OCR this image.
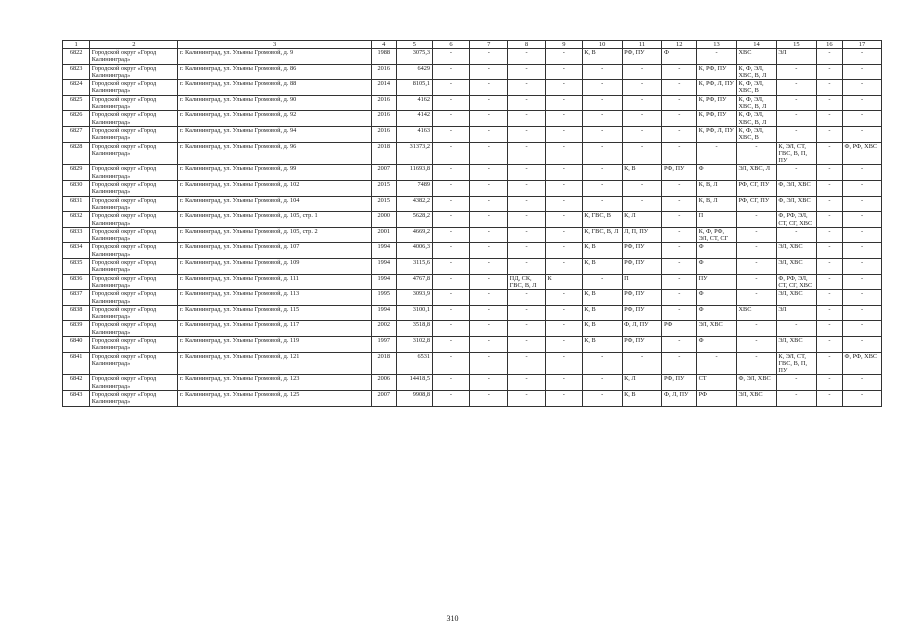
1	2	3	4	5	6	7	8	9	10	11	12	13	14	15	16	17
6822	Городской округ «Город Калининград»	г. Калининград, ул. Ульяны Громовой, д. 9	1988	3075,3	-	-	-	-	К, В	РФ, ПУ	Ф	-	ХВС	ЭЛ	-	-
6823	Городской округ «Город Калининград»	г. Калининград, ул. Ульяны Громовой, д. 86	2016	6429	-	-	-	-	-	-	-	К, РФ, ПУ	К, Ф, ЭЛ, ХВС, В, Л	-	-	-
6824	Городской округ «Город Калининград»	г. Калининград, ул. Ульяны Громовой, д. 88	2014	8105,1	-	-	-	-	-	-	-	К, РФ, Л, ПУ	К, Ф, ЭЛ, ХВС, В	-	-	-
6825	Городской округ «Город Калининград»	г. Калининград, ул. Ульяны Громовой, д. 90	2016	4162	-	-	-	-	-	-	-	К, РФ, ПУ	К, Ф, ЭЛ, ХВС, В, Л	-	-	-
6826	Городской округ «Город Калининград»	г. Калининград, ул. Ульяны Громовой, д. 92	2016	4142	-	-	-	-	-	-	-	К, РФ, ПУ	К, Ф, ЭЛ, ХВС, В, Л	-	-	-
6827	Городской округ «Город Калининград»	г. Калининград, ул. Ульяны Громовой, д. 94	2016	4163	-	-	-	-	-	-	-	К, РФ, Л, ПУ	К, Ф, ЭЛ, ХВС, В	-	-	-
6828	Городской округ «Город Калининград»	г. Калининград, ул. Ульяны Громовой, д. 96	2018	31373,2	-	-	-	-	-	-	-	-	-	К, ЭЛ, СТ, ГВС, В, П, ПУ	-	Ф, РФ, ХВС
6829	Городской округ «Город Калининград»	г. Калининград, ул. Ульяны Громовой, д. 99	2007	11693,8	-	-	-	-	-	К, В	РФ, ПУ	Ф	ЭЛ, ХВС, Л	-	-	-
6830	Городской округ «Город Калининград»	г. Калининград, ул. Ульяны Громовой, д. 102	2015	7489	-	-	-	-	-	-	-	К, В, Л	РФ, СГ, ПУ	Ф, ЭЛ, ХВС	-	-
6831	Городской округ «Город Калининград»	г. Калининград, ул. Ульяны Громовой, д. 104	2015	4382,2	-	-	-	-	-	-	-	К, В, Л	РФ, СГ, ПУ	Ф, ЭЛ, ХВС	-	-
6832	Городской округ «Город Калининград»	г. Калининград, ул. Ульяны Громовой, д. 105, стр. 1	2000	5628,2	-	-	-	-	К, ГВС, В	К, Л	-	П	-	Ф, РФ, ЭЛ, СТ, СГ, ХВС	-	-
6833	Городской округ «Город Калининград»	г. Калининград, ул. Ульяны Громовой, д. 105, стр. 2	2001	4669,2	-	-	-	-	К, ГВС, В, Л	Л, П, ПУ	-	К, Ф, РФ, ЭЛ, СТ, СГ	-	-	-	-
6834	Городской округ «Город Калининград»	г. Калининград, ул. Ульяны Громовой, д. 107	1994	4006,3	-	-	-	-	К, В	РФ, ПУ	-	Ф	-	ЭЛ, ХВС	-	-
6835	Городской округ «Город Калининград»	г. Калининград, ул. Ульяны Громовой, д. 109	1994	3115,6	-	-	-	-	К, В	РФ, ПУ	-	Ф	-	ЭЛ, ХВС	-	-
6836	Городской округ «Город Калининград»	г. Калининград, ул. Ульяны Громовой, д. 111	1994	4767,8	-	-	ПД, СК, ГВС, В, Л	К	-	П	-	ПУ	-	Ф, РФ, ЭЛ, СТ, СГ, ХВС	-	-
6837	Городской округ «Город Калининград»	г. Калининград, ул. Ульяны Громовой, д. 113	1995	3093,9	-	-	-	-	К, В	РФ, ПУ	-	Ф	-	ЭЛ, ХВС	-	-
6838	Городской округ «Город Калининград»	г. Калининград, ул. Ульяны Громовой, д. 115	1994	3100,1	-	-	-	-	К, В	РФ, ПУ	-	Ф	ХВС	ЭЛ	-	-
6839	Городской округ «Город Калининград»	г. Калининград, ул. Ульяны Громовой, д. 117	2002	3518,8	-	-	-	-	К, В	Ф, Л, ПУ	РФ	ЭЛ, ХВС	-	-	-	-
6840	Городской округ «Город Калининград»	г. Калининград, ул. Ульяны Громовой, д. 119	1997	3102,8	-	-	-	-	К, В	РФ, ПУ	-	Ф	-	ЭЛ, ХВС	-	-
6841	Городской округ «Город Калининград»	г. Калининград, ул. Ульяны Громовой, д. 121	2018	6531	-	-	-	-	-	-	-	-	-	К, ЭЛ, СТ, ГВС, В, П, ПУ	-	Ф, РФ, ХВС
6842	Городской округ «Город Калининград»	г. Калининград, ул. Ульяны Громовой, д. 123	2006	14418,5	-	-	-	-	-	К, Л	РФ, ПУ	СТ	Ф, ЭЛ, ХВС	-	-	-
6843	Городской округ «Город Калининград»	г. Калининград, ул. Ульяны Громовой, д. 125	2007	9908,8	-	-	-	-	-	К, В	Ф, Л, ПУ	РФ	ЭЛ, ХВС	-	-	-
310
